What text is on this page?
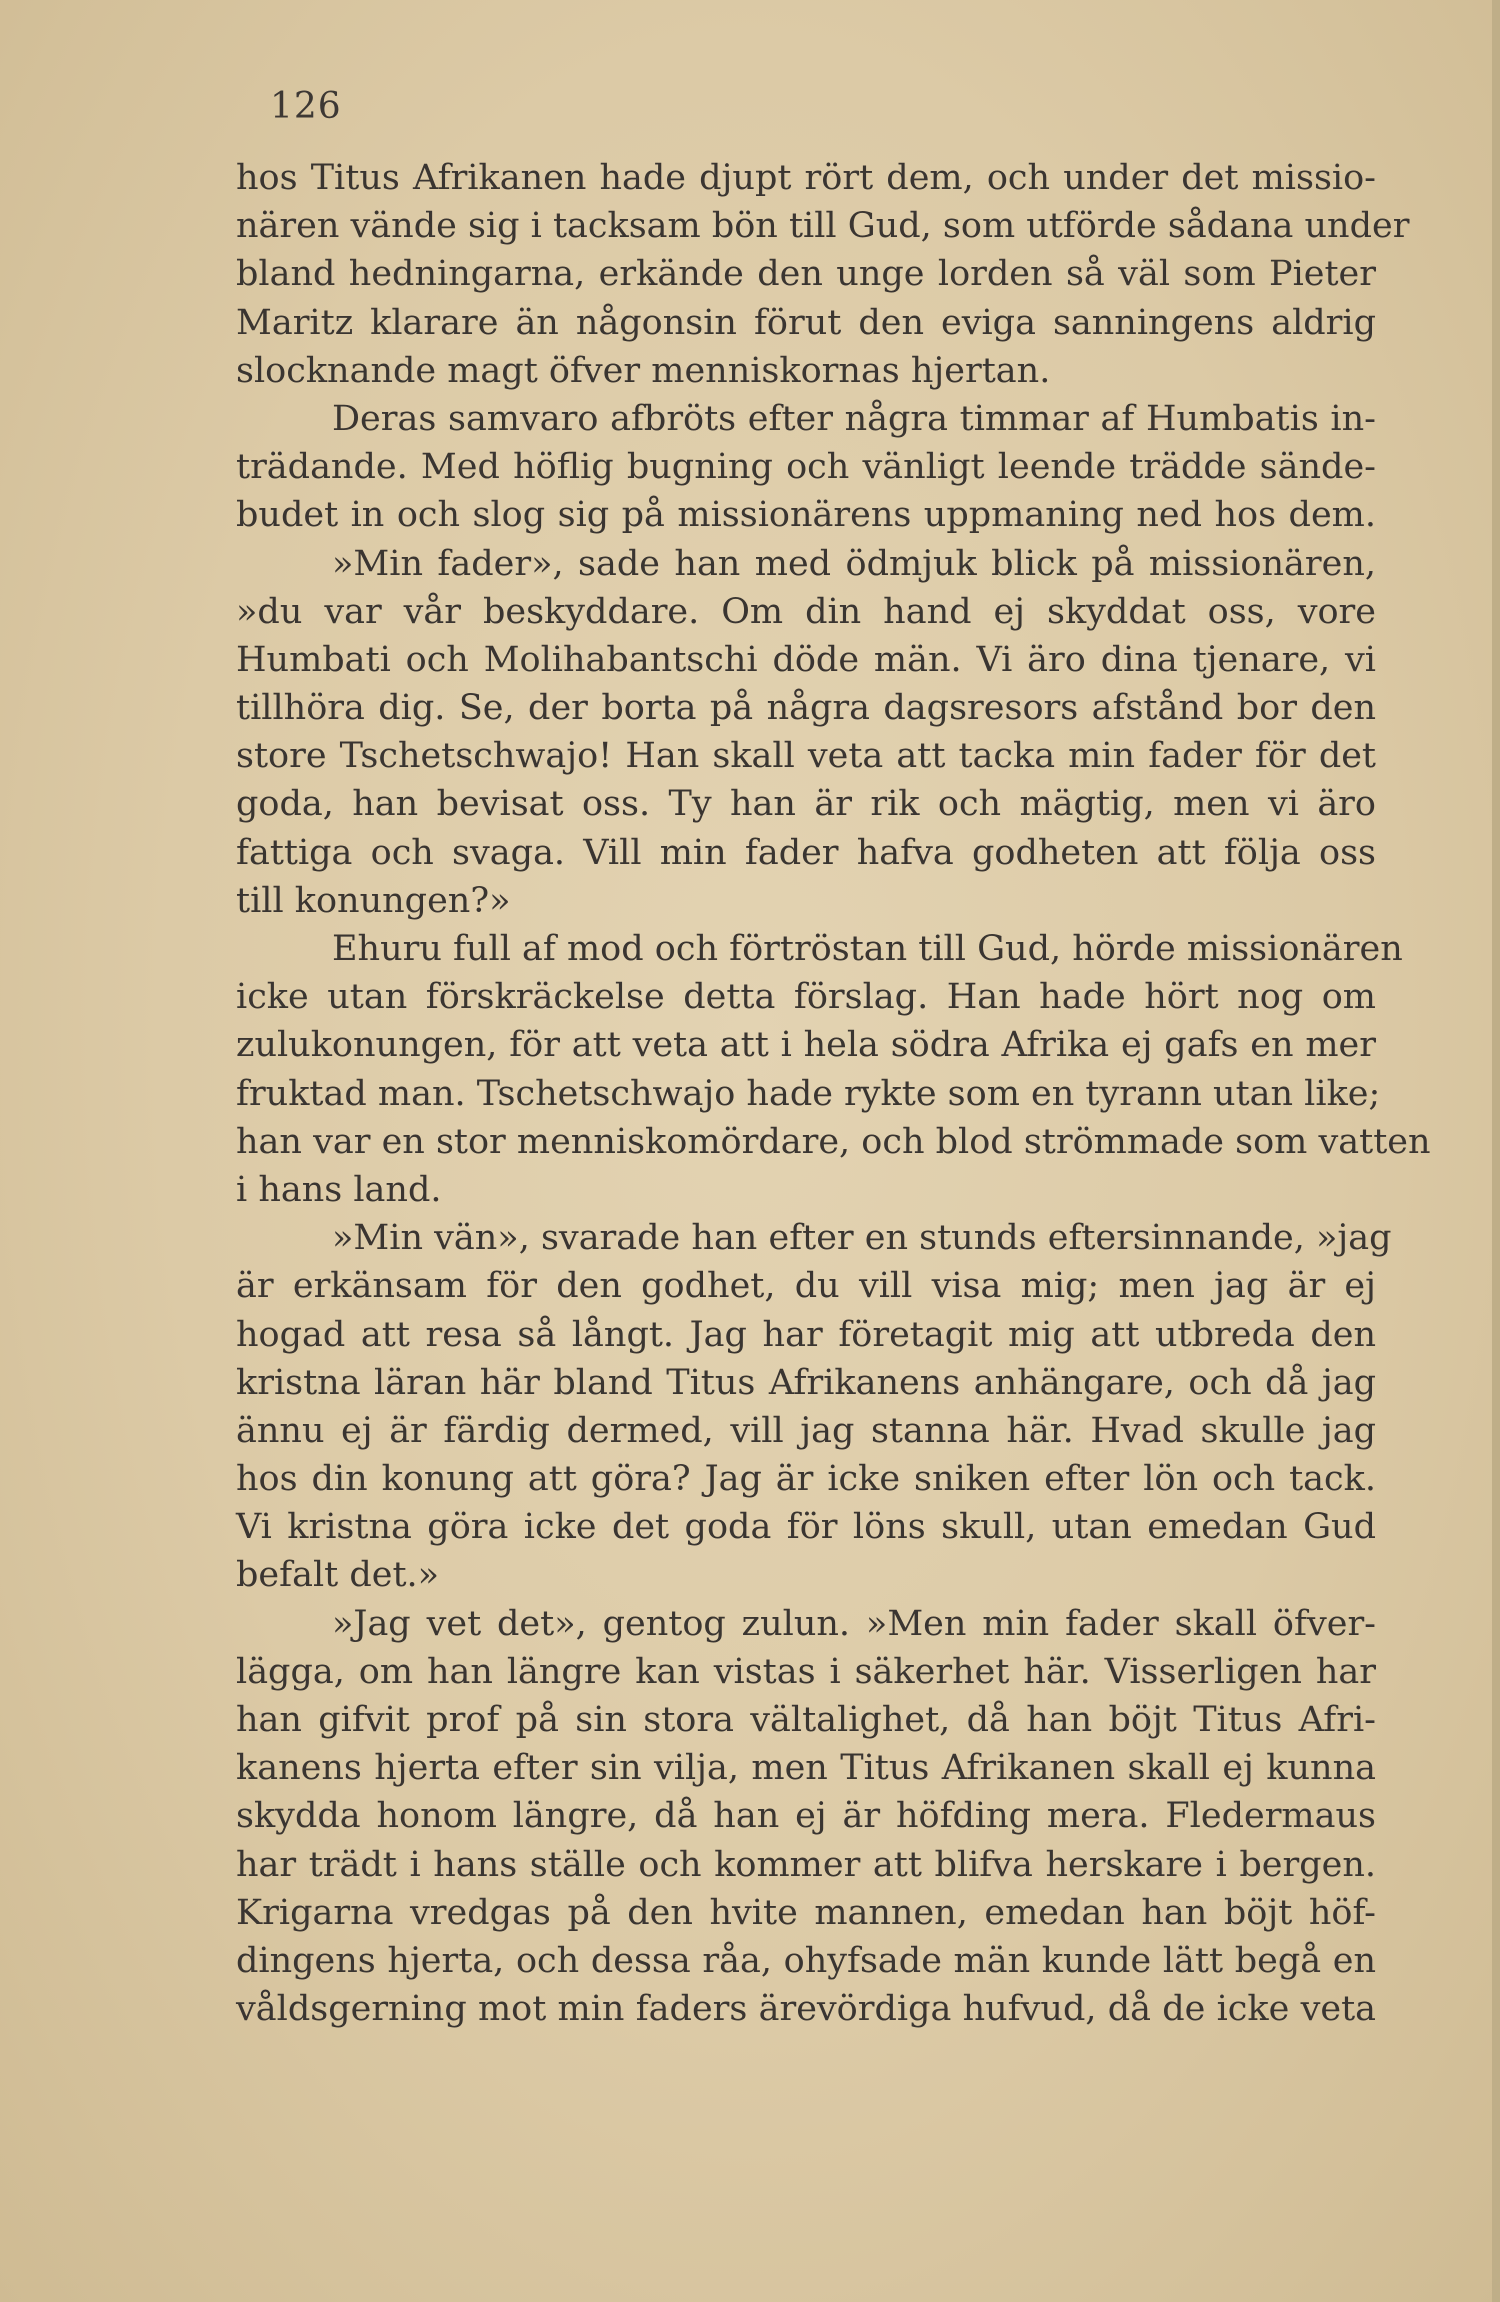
126
hos Titus Afrikanen hade djupt rört dem, och under det missio-
nären vände sig i tacksam bön till Gud, som utförde sådana under
bland hedningarna, erkände den unge lorden så väl som Pieter
Maritz klarare än någonsin förut den eviga sanningens aldrig
slocknande magt öfver menniskornas hjertan.
Deras samvaro afbröts efter några timmar af Humbatis in-
trädande. Med höflig bugning och vänligt leende trädde sände-
budet in och slog sig på missionärens uppmaning ned hos dem.
»Min fader», sade han med ödmjuk blick på missionären,
»du var vår beskyddare. Om din hand ej skyddat oss, vore
Humbati och Molihabantschi döde män. Vi äro dina tjenare, vi
tillhöra dig. Se, der borta på några dagsresors afstånd bor den
store Tschetschwajo! Han skall veta att tacka min fader för det
goda, han bevisat oss. Ty han är rik och mägtig, men vi äro
fattiga och svaga. Vill min fader hafva godheten att följa oss
till konungen?»
Ehuru full af mod och förtröstan till Gud, hörde missionären
icke utan förskräckelse detta förslag. Han hade hört nog om
zulukonungen, för att veta att i hela södra Afrika ej gafs en mer
fruktad man. Tschetschwajo hade rykte som en tyrann utan like;
han var en stor menniskomördare, och blod strömmade som vatten
i hans land.
»Min vän», svarade han efter en stunds eftersinnande, »jag
är erkänsam för den godhet, du vill visa mig; men jag är ej
hogad att resa så långt. Jag har företagit mig att utbreda den
kristna läran här bland Titus Afrikanens anhängare, och då jag
ännu ej är färdig dermed, vill jag stanna här. Hvad skulle jag
hos din konung att göra? Jag är icke sniken efter lön och tack.
Vi kristna göra icke det goda för löns skull, utan emedan Gud
befalt det.»
»Jag vet det», gentog zulun. »Men min fader skall öfver-
lägga, om han längre kan vistas i säkerhet här. Visserligen har
han gifvit prof på sin stora vältalighet, då han böjt Titus Afri-
kanens hjerta efter sin vilja, men Titus Afrikanen skall ej kunna
skydda honom längre, då han ej är höfding mera. Fledermaus
har trädt i hans ställe och kommer att blifva herskare i bergen.
Krigarna vredgas på den hvite mannen, emedan han böjt höf-
dingens hjerta, och dessa råa, ohyfsade män kunde lätt begå en
våldsgerning mot min faders ärevördiga hufvud, då de icke veta
